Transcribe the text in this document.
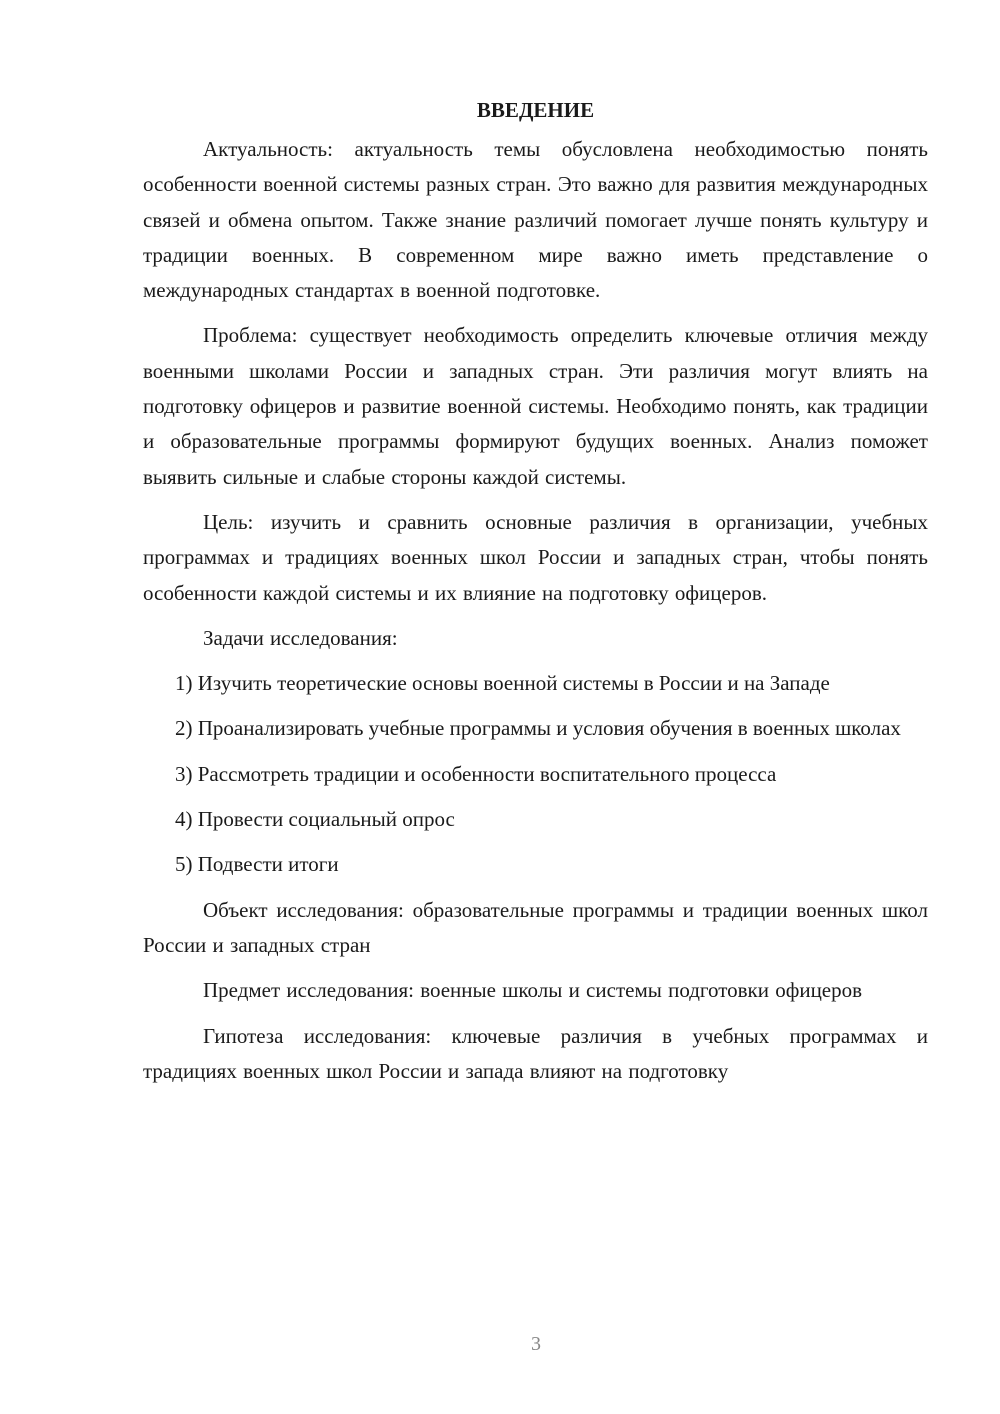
ВВЕДЕНИЕ

Актуальность: актуальность темы обусловлена необходимостью понять особенности военной системы разных стран. Это важно для развития международных связей и обмена опытом. Также знание различий помогает лучше понять культуру и традиции военных. В современном мире важно иметь представление о международных стандартах в военной подготовке.

Проблема: существует необходимость определить ключевые отличия между военными школами России и западных стран. Эти различия могут влиять на подготовку офицеров и развитие военной системы. Необходимо понять, как традиции и образовательные программы формируют будущих военных. Анализ поможет выявить сильные и слабые стороны каждой системы.

Цель: изучить и сравнить основные различия в организации, учебных программах и традициях военных школ России и западных стран, чтобы понять особенности каждой системы и их влияние на подготовку офицеров.

Задачи исследования:

1) Изучить теоретические основы военной системы в России и на Западе

2) Проанализировать учебные программы и условия обучения в военных школах

3) Рассмотреть традиции и особенности воспитательного процесса

4) Провести социальный опрос

5) Подвести итоги

Объект исследования: образовательные программы и традиции военных школ России и западных стран

Предмет исследования: военные школы и системы подготовки офицеров

Гипотеза исследования: ключевые различия в учебных программах и традициях военных школ России и запада влияют на подготовку

3
